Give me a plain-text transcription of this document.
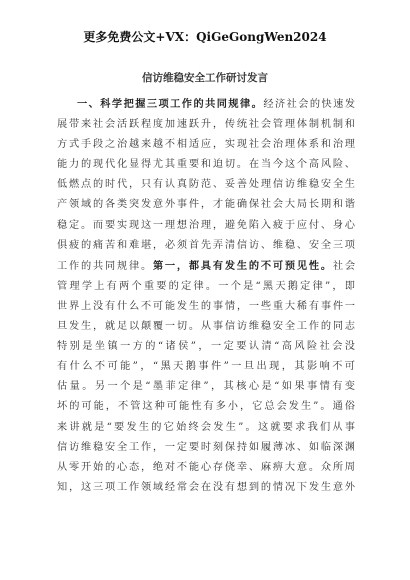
更多免费公文+VX：QiGeGongWen2024
信访维稳安全工作研讨发言
一、科学把握三项工作的共同规律。经济社会的快速发
展带来社会活跃程度加速跃升，传统社会管理体制机制和
方式手段之治越来越不相适应，实现社会治理体系和治理
能力的现代化显得尤其重要和迫切。在当今这个高风险、
低燃点的时代，只有认真防范、妥善处理信访维稳安全生
产领域的各类突发意外事件，才能确保社会大局长期和谐
稳定。而要实现这一理想治理，避免陷入疲于应付、身心
俱疲的痛苦和难堪，必须首先弄清信访、维稳、安全三项
工作的共同规律。第一，都具有发生的不可预见性。社会
管理学上有两个重要的定律。一个是“黑天鹅定律”，即
世界上没有什么不可能发生的事情，一些重大稀有事件一
旦发生，就足以颠覆一切。从事信访维稳安全工作的同志
特别是坐镇一方的“诸侯”，一定要认清“高风险社会没
有什么不可能”，“黑天鹅事件”一旦出现，其影响不可
估量。另一个是“墨菲定律”，其核心是“如果事情有变
坏的可能，不管这种可能性有多小，它总会发生”。通俗
来讲就是“要发生的它始终会发生”。这就要求我们从事
信访维稳安全工作，一定要时刻保持如履薄冰、如临深渊
从零开始的心态，绝对不能心存侥幸、麻痹大意。众所周
知，这三项工作领域经常会在没有想到的情况下发生意外
